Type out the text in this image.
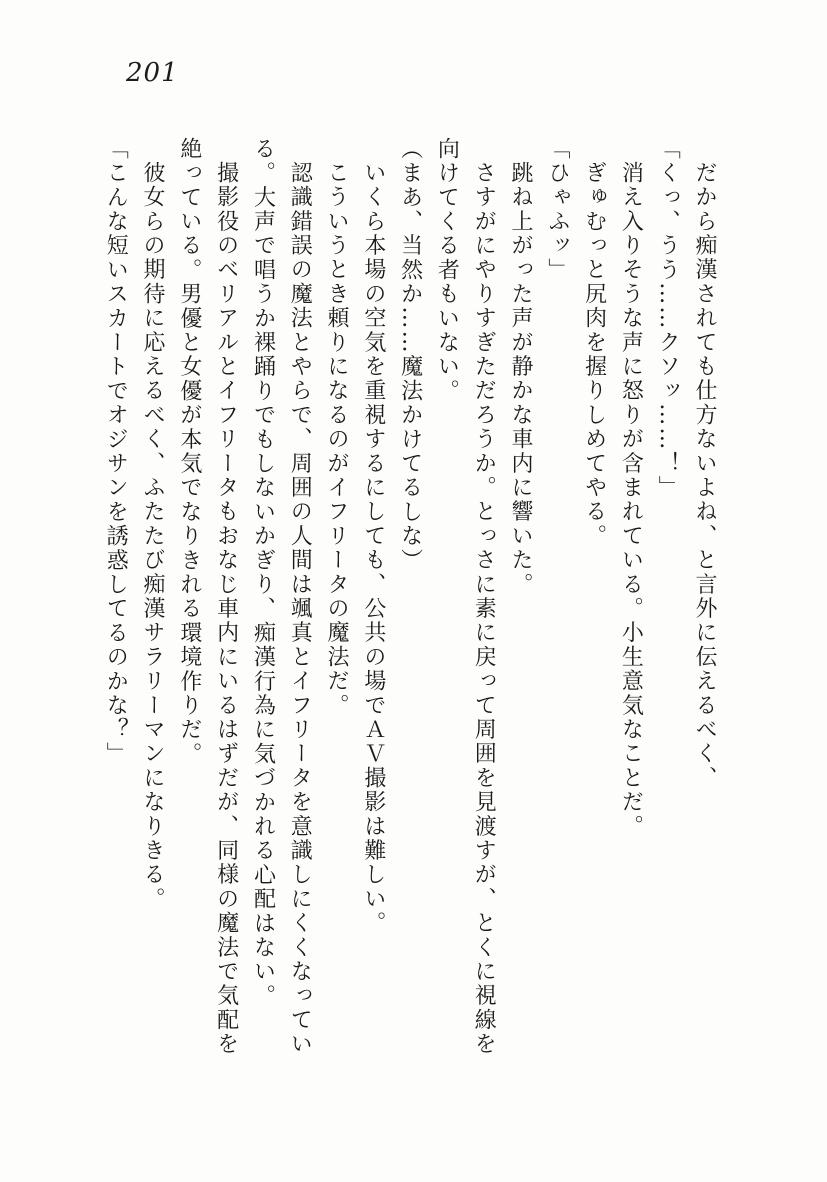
201

だから痴漢されても仕方ないよね、と言外に伝えるべく、

「くっ、うう……クソッ……！」

消え入りそうな声に怒りが含まれている。小生意気なことだ。

ぎゅむっと尻肉を握りしめてやる。

「ひゃふッ」

跳ね上がった声が静かな車内に響いた。

さすがにやりすぎただろうか。とっさに素に戻って周囲を見渡すが、とくに視線を向けてくる者もいない。

（まあ、当然か……魔法かけてるしな）

いくら本場の空気を重視するにしても、公共の場でＡＶ撮影は難しい。

こういうとき頼りになるのがイフリータの魔法だ。

認識錯誤の魔法とやらで、周囲の人間は颯真とイフリータを意識しにくくなっている。大声で唱うか裸踊りでもしないかぎり、痴漢行為に気づかれる心配はない。

撮影役のベリアルとイフリータもおなじ車内にいるはずだが、同様の魔法で気配を絶っている。男優と女優が本気でなりきれる環境作りだ。

彼女らの期待に応えるべく、ふたたび痴漢サラリーマンになりきる。

「こんな短いスカートでオジサンを誘惑してるのかな？」
